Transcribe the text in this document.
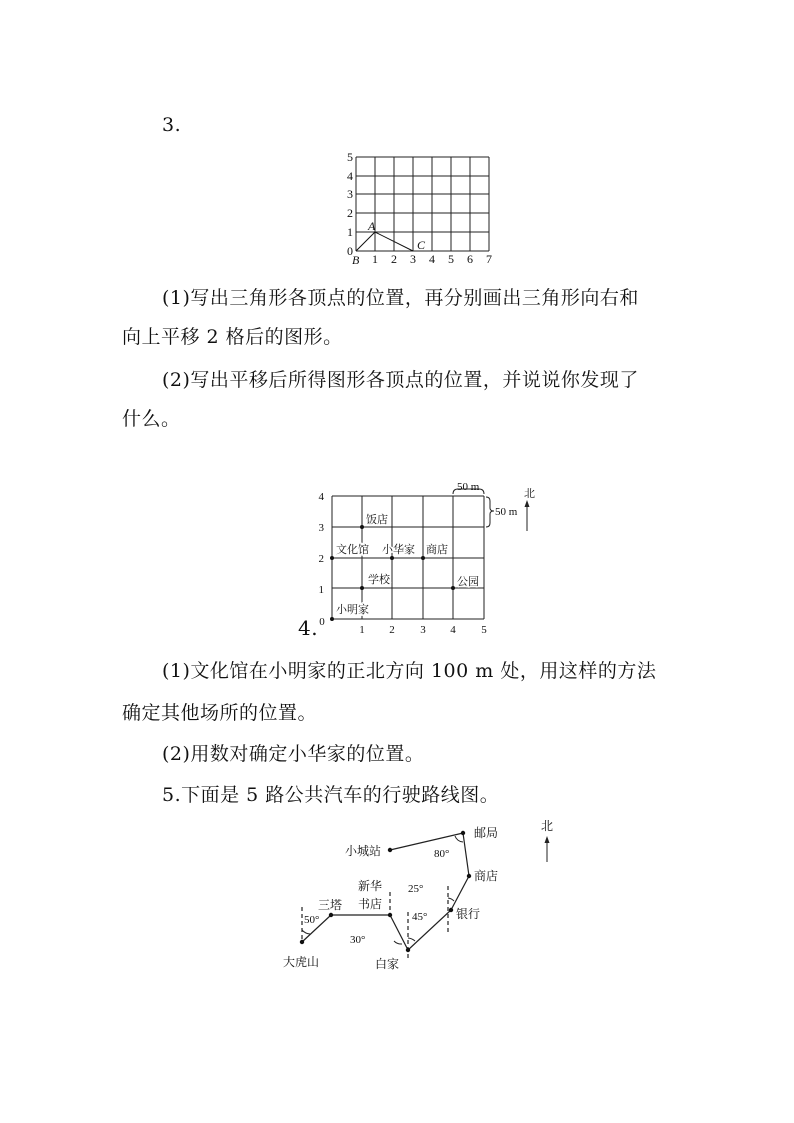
3.
1 2 3 4 5 6 7
0
1
2
3
4
5
B
A
C
(1)写出三角形各顶点的位置，再分别画出三角形向右和
向上平移 2 格后的图形。
(2)写出平移后所得图形各顶点的位置，并说说你发现了
什么。
4.
50 m
50 m
北
饭店
文化馆 小华家 商店
学校	公园
小明家
0
1 2 3 4 5
1
2
3
4
(1)文化馆在小明家的正北方向 100 m 处，用这样的方法
确定其他场所的位置。
(2)用数对确定小华家的位置。
5.下面是 5 路公共汽车的行驶路线图。
北
小城站
邮局
商店
银行
新华
书店
三塔
大虎山	白家
80°
25°
45°
30°
50°
